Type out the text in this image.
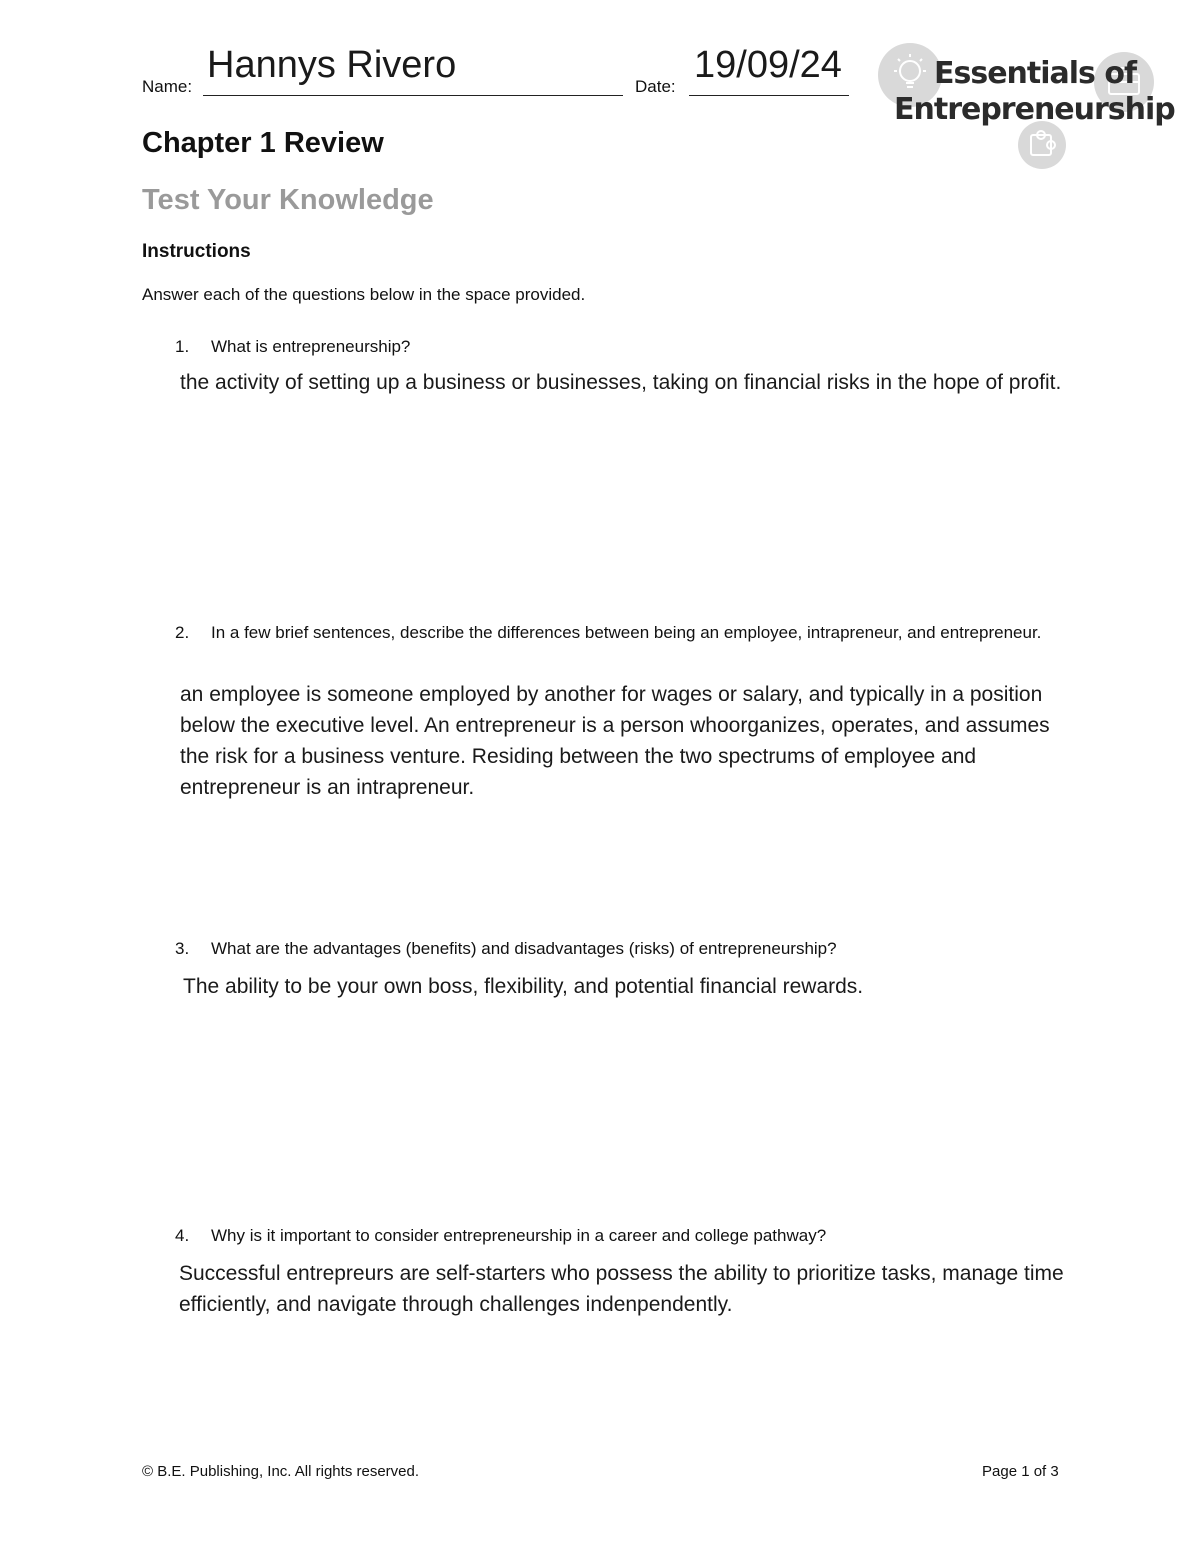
Name:
Hannys Rivero
Date:
19/09/24	Essentials of
Entrepreneurship
Chapter 1 Review
Test Your Knowledge
Instructions
Answer each of the questions below in the space provided.
1. What is entrepreneurship?
the activity of setting up a business or businesses, taking on financial risks in the hope of profit.
2. In a few brief sentences, describe the differences between being an employee, intrapreneur, and entrepreneur.
an employee is someone employed by another for wages or salary, and typically in a position below the executive level. An entrepreneur is a person whoorganizes, operates, and assumes the risk for a business venture. Residing between the two spectrums of employee and entrepreneur is an intrapreneur.
3. What are the advantages (benefits) and disadvantages (risks) of entrepreneurship?
The ability to be your own boss, flexibility, and potential financial rewards.
4. Why is it important to consider entrepreneurship in a career and college pathway?
Successful entrepreurs are self-starters who possess the ability to prioritize tasks, manage time efficiently, and navigate through challenges indenpendently.
© B.E. Publishing, Inc. All rights reserved.	Page 1 of 3
